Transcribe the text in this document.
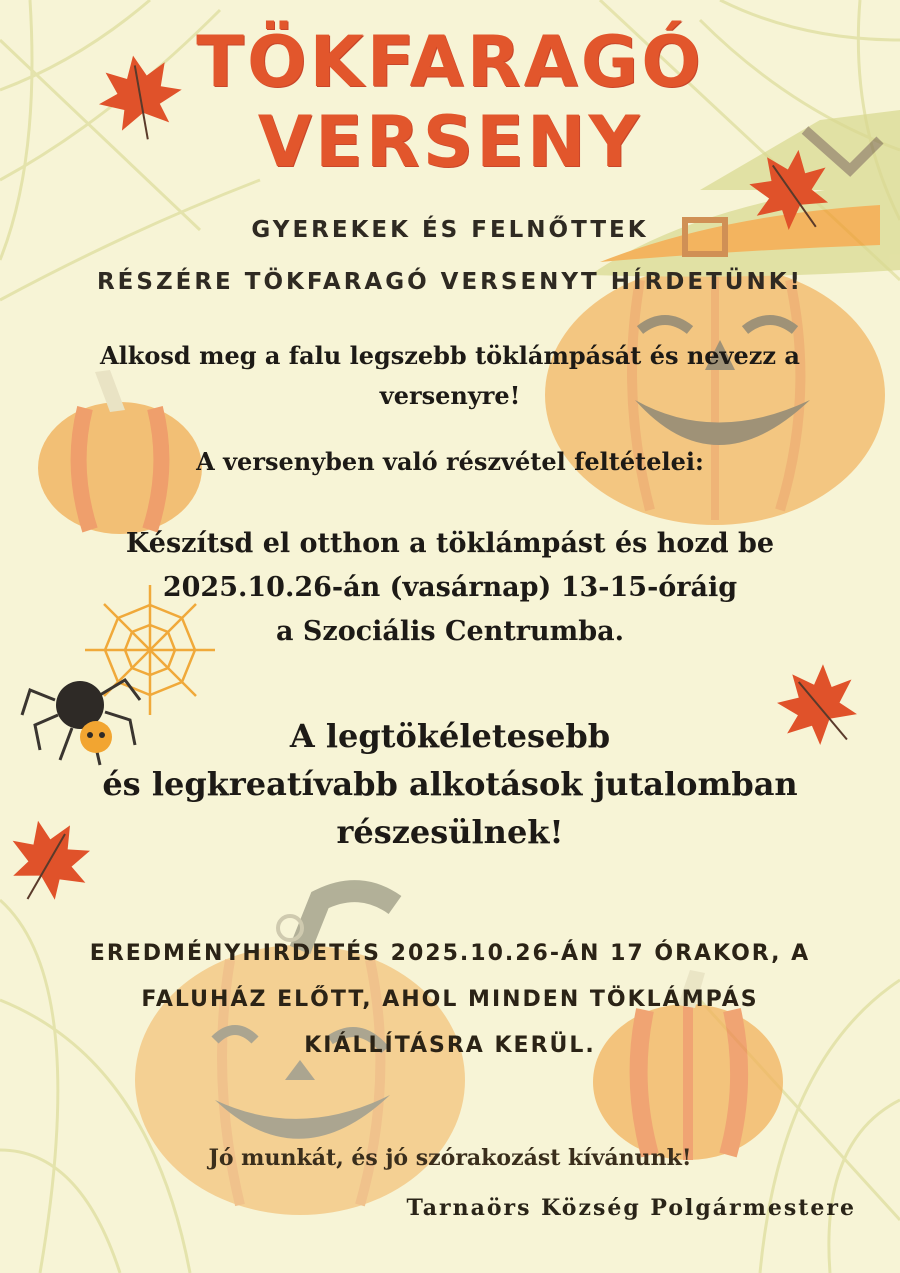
TÖKFARAGÓ

VERSENY

GYEREKEK ÉS FELNŐTTEK

RÉSZÉRE TÖKFARAGÓ VERSENYT HÍRDETÜNK!

Alkosd meg a falu legszebb töklámpását és nevezz a

versenyre!

A versenyben való részvétel feltételei:

Készítsd el otthon a töklámpást és hozd be

2025.10.26-án (vasárnap) 13-15-óráig

a Szociális Centrumba.

A legtökéletesebb

és legkreatívabb alkotások jutalomban

részesülnek!

EREDMÉNYHIRDETÉS 2025.10.26-ÁN 17 ÓRAKOR, A

FALUHÁZ ELŐTT, AHOL MINDEN TÖKLÁMPÁS

KIÁLLÍTÁSRA KERÜL.

Jó munkát, és jó szórakozást kívánunk!

Tarnaörs Község Polgármestere
